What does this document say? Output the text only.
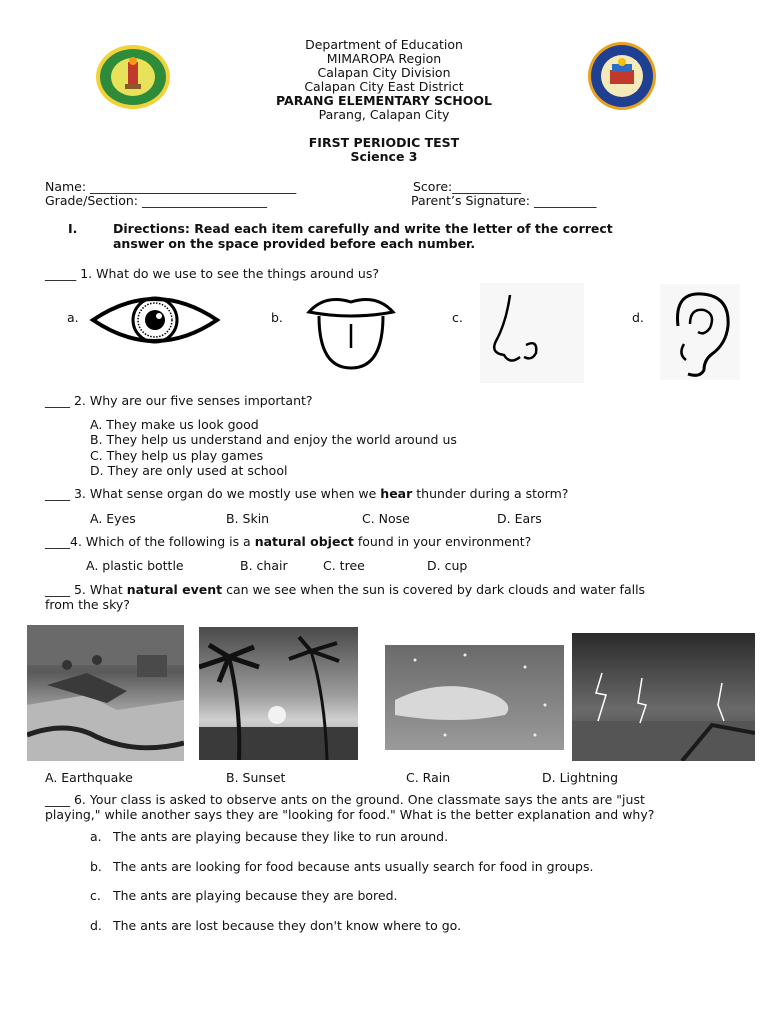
Department of Education
MIMAROPA Region
Calapan City Division
Calapan City East District
PARANG ELEMENTARY SCHOOL
Parang, Calapan City
FIRST PERIODIC TEST
Science 3
Name: _________________________________	Score:___________
Grade/Section: ____________________	Parent’s Signature: __________
I.	Directions: Read each item carefully and write the letter of the correct
answer on the space provided before each number.
_____ 1. What do we use to see the things around us?
a.	b.	c.	d.
____ 2. Why are our five senses important?
A. They make us look good
B. They help us understand and enjoy the world around us
C. They help us play games
D. They are only used at school
____ 3. What sense organ do we mostly use when we hear thunder during a storm?
A. Eyes	B. Skin	C. Nose	D. Ears
____4. Which of the following is a natural object found in your environment?
A. plastic bottle	B. chair	C. tree	D. cup
____ 5. What natural event can we see when the sun is covered by dark clouds and water falls
from the sky?
A. Earthquake	B. Sunset	C. Rain	D. Lightning
____ 6. Your class is asked to observe ants on the ground. One classmate says the ants are "just
playing," while another says they are "looking for food." What is the better explanation and why?
a. The ants are playing because they like to run around.
b. The ants are looking for food because ants usually search for food in groups.
c. The ants are playing because they are bored.
d. The ants are lost because they don't know where to go.
